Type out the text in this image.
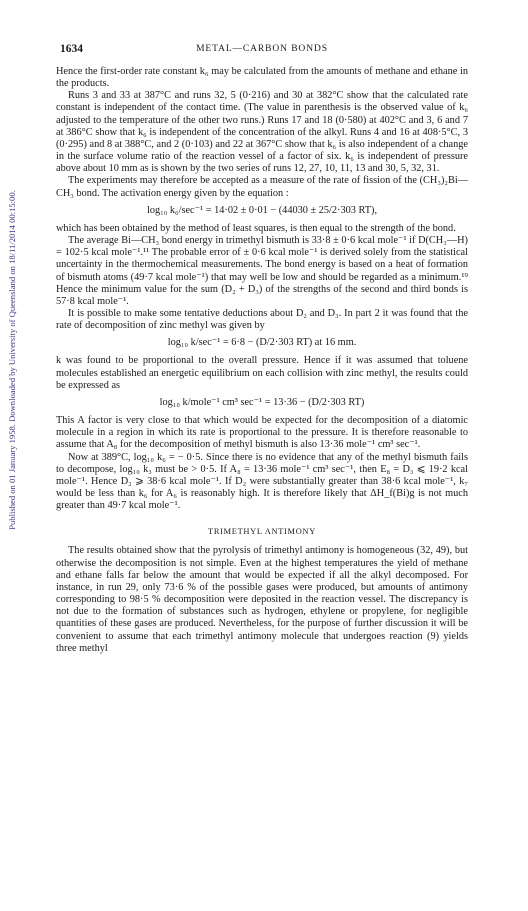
1634	METAL—CARBON BONDS
Published on 01 January 1958. Downloaded by University of Queensland on 18/11/2014 00:15:00.

Hence the first-order rate constant k₆ may be calculated from the amounts of methane and ethane in the products.

Runs 3 and 33 at 387°C and runs 32, 5 (0·216) and 30 at 382°C show that the calculated rate constant is independent of the contact time. (The value in parenthesis is the observed value of k₆ adjusted to the temperature of the other two runs.) Runs 17 and 18 (0·580) at 402°C and 3, 6 and 7 at 386°C show that k₆ is independent of the concentration of the alkyl. Runs 4 and 16 at 408·5°C, 3 (0·295) and 8 at 388°C, and 2 (0·103) and 22 at 367°C show that k₆ is also independent of a change in the surface volume ratio of the reaction vessel of a factor of six. k₆ is independent of pressure above about 10 mm as is shown by the two series of runs 12, 27, 10, 11, 13 and 30, 5, 32, 31.

The experiments may therefore be accepted as a measure of the rate of fission of the (CH₃)₂Bi—CH₃ bond. The activation energy given by the equation :

log₁₀ k₆/sec⁻¹ = 14·02 ± 0·01 − (44030 ± 25/2·303 RT),

which has been obtained by the method of least squares, is then equal to the strength of the bond.

The average Bi—CH₃ bond energy in trimethyl bismuth is 33·8 ± 0·6 kcal mole⁻¹ if D(CH₃—H) = 102·5 kcal mole⁻¹.¹¹ The probable error of ± 0·6 kcal mole⁻¹ is derived solely from the statistical uncertainty in the thermochemical measurements. The bond energy is based on a heat of formation of bismuth atoms (49·7 kcal mole⁻¹) that may well be low and should be regarded as a minimum.¹⁹ Hence the minimum value for the sum (D₂ + D₃) of the strengths of the second and third bonds is 57·8 kcal mole⁻¹.

It is possible to make some tentative deductions about D₂ and D₃. In part 2 it was found that the rate of decomposition of zinc methyl was given by

log₁₀ k/sec⁻¹ = 6·8 − (D/2·303 RT) at 16 mm.

k was found to be proportional to the overall pressure. Hence if it was assumed that toluene molecules established an energetic equilibrium on each collision with zinc methyl, the results could be expressed as

log₁₀ k/mole⁻¹ cm³ sec⁻¹ = 13·36 − (D/2·303 RT)

This A factor is very close to that which would be expected for the decomposition of a diatomic molecule in a region in which its rate is proportional to the pressure. It is therefore reasonable to assume that A₈ for the decomposition of methyl bismuth is also 13·36 mole⁻¹ cm³ sec⁻¹.

Now at 389°C, log₁₀ k₆ = − 0·5. Since there is no evidence that any of the methyl bismuth fails to decompose, log₁₀ k₃ must be > 0·5. If A₈ = 13·36 mole⁻¹ cm³ sec⁻¹, then E₈ = D₃ ⩽ 19·2 kcal mole⁻¹. Hence D₂ ⩾ 38·6 kcal mole⁻¹. If D₂ were substantially greater than 38·6 kcal mole⁻¹, k₇ would be less than k₆ for A₆ is reasonably high. It is therefore likely that ΔH_f(Bi)g is not much greater than 49·7 kcal mole⁻¹.

TRIMETHYL ANTIMONY

The results obtained show that the pyrolysis of trimethyl antimony is homogeneous (32, 49), but otherwise the decomposition is not simple. Even at the highest temperatures the yield of methane and ethane falls far below the amount that would be expected if all the alkyl decomposed. For instance, in run 29, only 73·6 % of the possible gases were produced, but amounts of antimony corresponding to 98·5 % decomposition were deposited in the reaction vessel. The discrepancy is not due to the formation of substances such as hydrogen, ethylene or propylene, for negligible quantities of these gases are produced. Nevertheless, for the purpose of further discussion it will be convenient to assume that each trimethyl antimony molecule that undergoes reaction (9) yields three methyl
